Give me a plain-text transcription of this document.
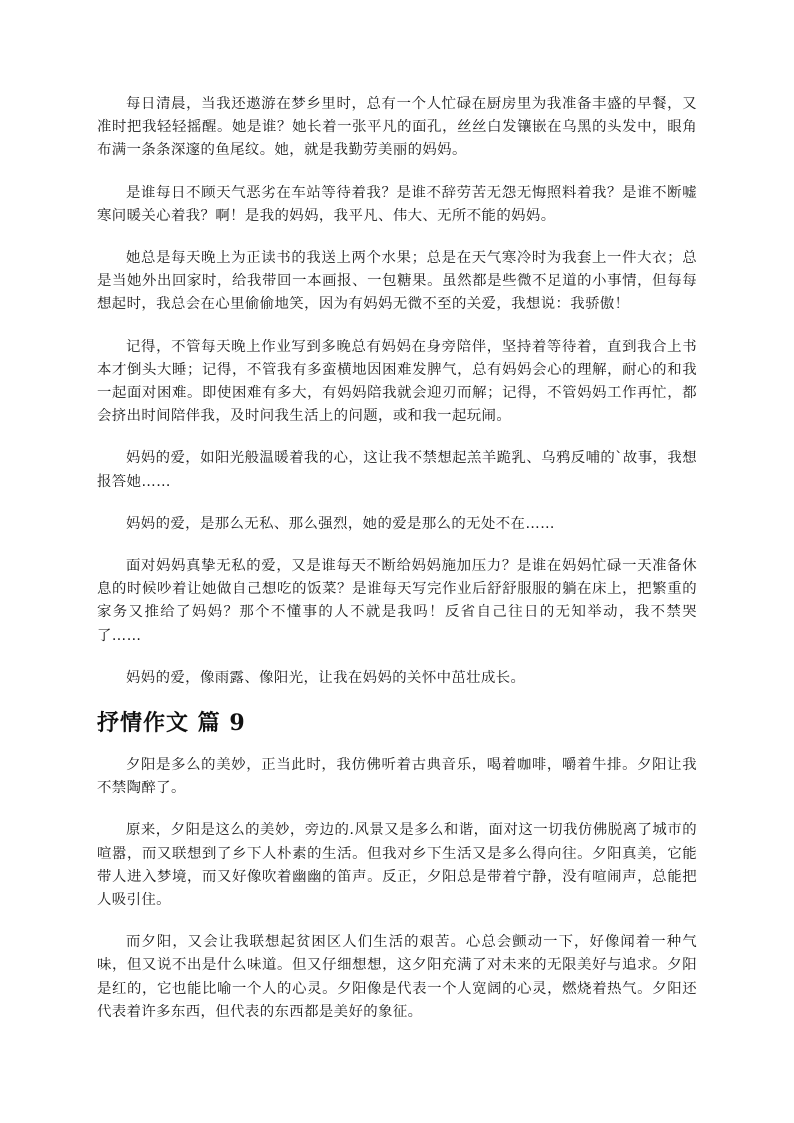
每日清晨，当我还遨游在梦乡里时，总有一个人忙碌在厨房里为我准备丰盛的早餐，又准时把我轻轻摇醒。她是谁？她长着一张平凡的面孔，丝丝白发镶嵌在乌黑的头发中，眼角布满一条条深邃的鱼尾纹。她，就是我勤劳美丽的妈妈。

是谁每日不顾天气恶劣在车站等待着我？是谁不辞劳苦无怨无悔照料着我？是谁不断嘘寒问暖关心着我？啊！是我的妈妈，我平凡、伟大、无所不能的妈妈。

她总是每天晚上为正读书的我送上两个水果；总是在天气寒冷时为我套上一件大衣；总是当她外出回家时，给我带回一本画报、一包糖果。虽然都是些微不足道的小事情，但每每想起时，我总会在心里偷偷地笑，因为有妈妈无微不至的关爱，我想说：我骄傲！

记得，不管每天晚上作业写到多晚总有妈妈在身旁陪伴，坚持着等待着，直到我合上书本才倒头大睡；记得，不管我有多蛮横地因困难发脾气，总有妈妈会心的理解，耐心的和我一起面对困难。即使困难有多大，有妈妈陪我就会迎刃而解；记得，不管妈妈工作再忙，都会挤出时间陪伴我，及时问我生活上的问题，或和我一起玩闹。

妈妈的爱，如阳光般温暖着我的心，这让我不禁想起羔羊跪乳、乌鸦反哺的`故事，我想报答她……

妈妈的爱，是那么无私、那么强烈，她的爱是那么的无处不在……

面对妈妈真挚无私的爱，又是谁每天不断给妈妈施加压力？是谁在妈妈忙碌一天准备休息的时候吵着让她做自己想吃的饭菜？是谁每天写完作业后舒舒服服的躺在床上，把繁重的家务又推给了妈妈？那个不懂事的人不就是我吗！反省自己往日的无知举动，我不禁哭了……

妈妈的爱，像雨露、像阳光，让我在妈妈的关怀中茁壮成长。

抒情作文 篇 9

夕阳是多么的美妙，正当此时，我仿佛听着古典音乐，喝着咖啡，嚼着牛排。夕阳让我不禁陶醉了。

原来，夕阳是这么的美妙，旁边的.风景又是多么和谐，面对这一切我仿佛脱离了城市的喧嚣，而又联想到了乡下人朴素的生活。但我对乡下生活又是多么得向往。夕阳真美，它能带人进入梦境，而又好像吹着幽幽的笛声。反正，夕阳总是带着宁静，没有喧闹声，总能把人吸引住。

而夕阳，又会让我联想起贫困区人们生活的艰苦。心总会颤动一下，好像闻着一种气味，但又说不出是什么味道。但又仔细想想，这夕阳充满了对未来的无限美好与追求。夕阳是红的，它也能比喻一个人的心灵。夕阳像是代表一个人宽阔的心灵，燃烧着热气。夕阳还代表着许多东西，但代表的东西都是美好的象征。
